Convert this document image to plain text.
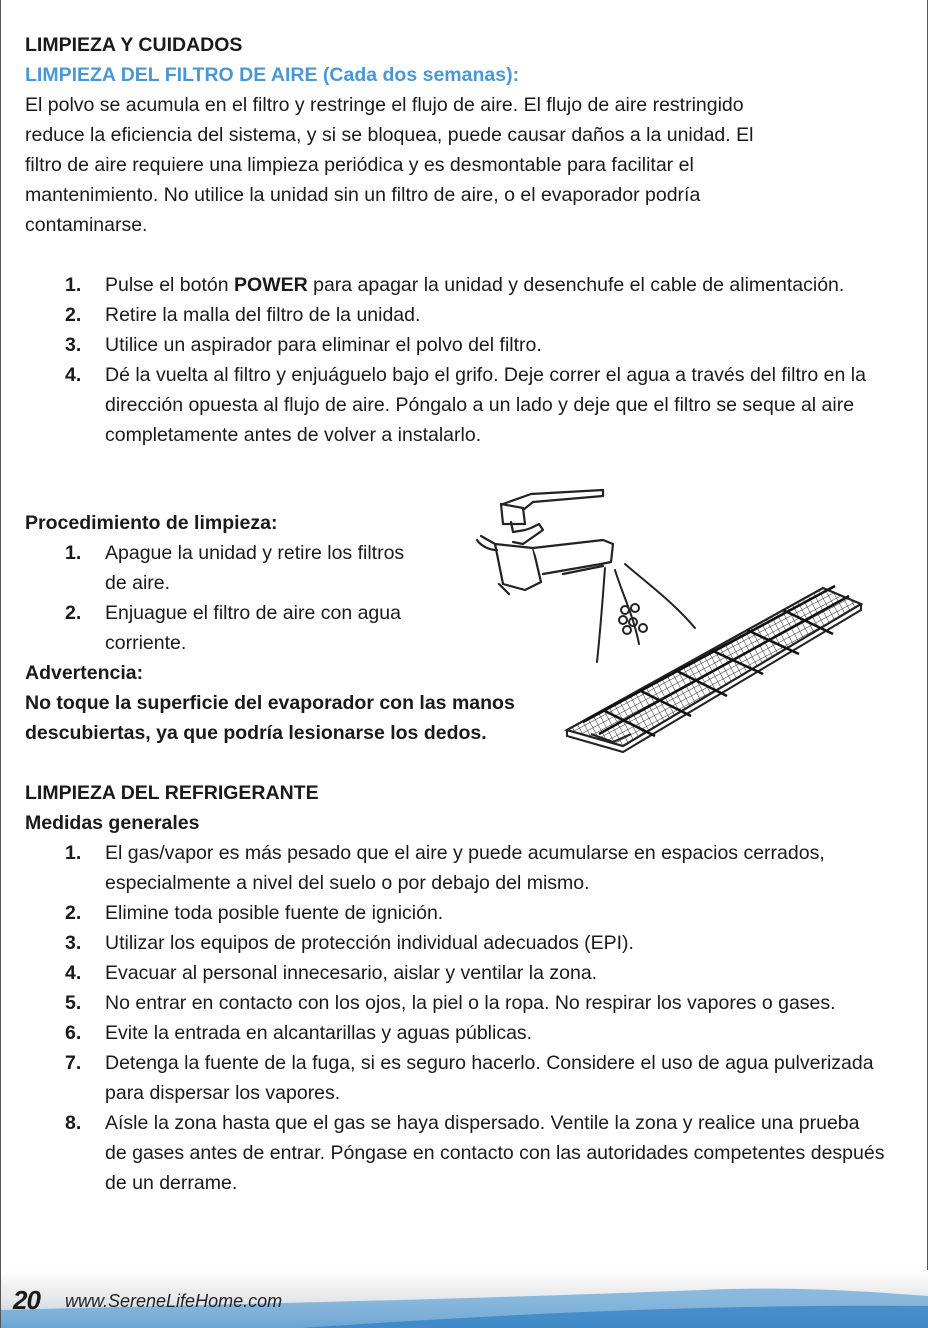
LIMPIEZA Y CUIDADOS

LIMPIEZA DEL FILTRO DE AIRE (Cada dos semanas):

El polvo se acumula en el filtro y restringe el flujo de aire. El flujo de aire restringido

reduce la eficiencia del sistema, y si se bloquea, puede causar daños a la unidad. El

filtro de aire requiere una limpieza periódica y es desmontable para facilitar el

mantenimiento. No utilice la unidad sin un filtro de aire, o el evaporador podría

contaminarse.

1. Pulse el botón POWER para apagar la unidad y desenchufe el cable de alimentación.
2. Retire la malla del filtro de la unidad.
3. Utilice un aspirador para eliminar el polvo del filtro.
4. Dé la vuelta al filtro y enjuáguelo bajo el grifo. Deje correr el agua a través del filtro en la dirección opuesta al flujo de aire. Póngalo a un lado y deje que el filtro se seque al aire completamente antes de volver a instalarlo.

Procedimiento de limpieza:

1. Apague la unidad y retire los filtros de aire.
2. Enjuague el filtro de aire con agua corriente.

Advertencia:

No toque la superficie del evaporador con las manos

descubiertas, ya que podría lesionarse los dedos.

LIMPIEZA DEL REFRIGERANTE

Medidas generales

1. El gas/vapor es más pesado que el aire y puede acumularse en espacios cerrados, especialmente a nivel del suelo o por debajo del mismo.
2. Elimine toda posible fuente de ignición.
3. Utilizar los equipos de protección individual adecuados (EPI).
4. Evacuar al personal innecesario, aislar y ventilar la zona.
5. No entrar en contacto con los ojos, la piel o la ropa. No respirar los vapores o gases.
6. Evite la entrada en alcantarillas y aguas públicas.
7. Detenga la fuente de la fuga, si es seguro hacerlo. Considere el uso de agua pulverizada para dispersar los vapores.
8. Aísle la zona hasta que el gas se haya dispersado. Ventile la zona y realice una prueba de gases antes de entrar. Póngase en contacto con las autoridades competentes después de un derrame.
20 www.SereneLifeHome.com
